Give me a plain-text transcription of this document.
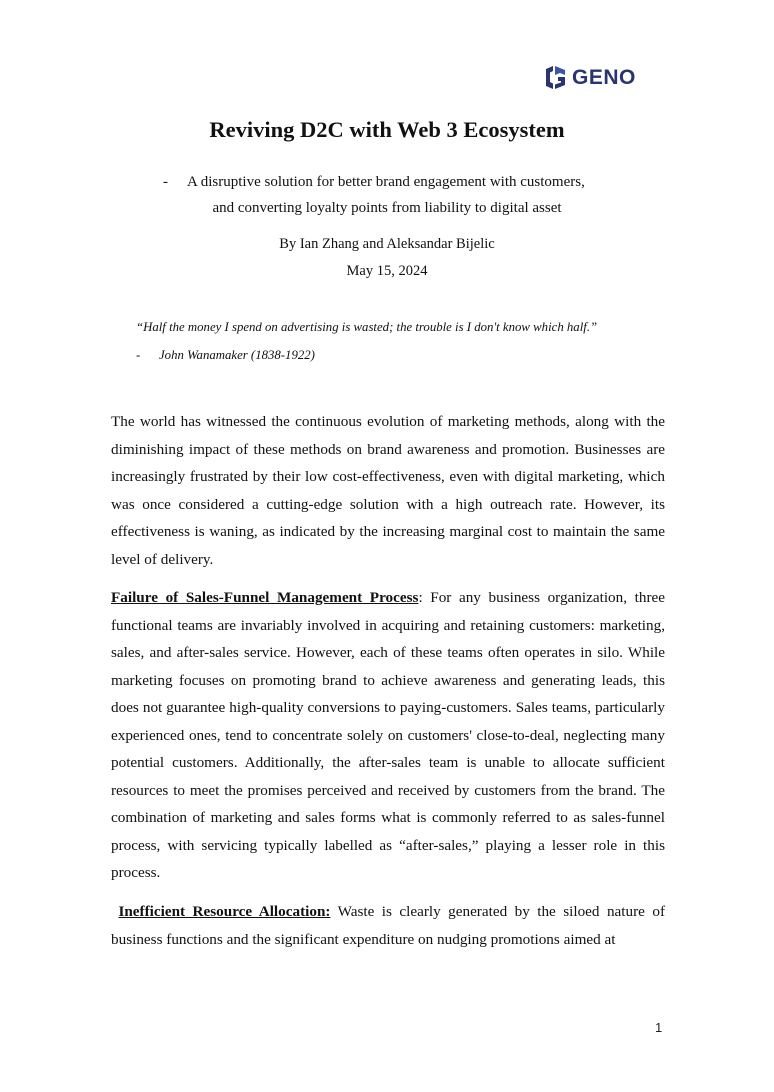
GENO
Reviving D2C with Web 3 Ecosystem
- A disruptive solution for better brand engagement with customers,
and converting loyalty points from liability to digital asset
By Ian Zhang and Aleksandar Bijelic
May 15, 2024
“Half the money I spend on advertising is wasted; the trouble is I don't know which half.”
- John Wanamaker (1838-1922)

The world has witnessed the continuous evolution of marketing methods, along with the diminishing impact of these methods on brand awareness and promotion. Businesses are increasingly frustrated by their low cost-effectiveness, even with digital marketing, which was once considered a cutting-edge solution with a high outreach rate. However, its effectiveness is waning, as indicated by the increasing marginal cost to maintain the same level of delivery.

Failure of Sales-Funnel Management Process: For any business organization, three functional teams are invariably involved in acquiring and retaining customers: marketing, sales, and after-sales service. However, each of these teams often operates in silo. While marketing focuses on promoting brand to achieve awareness and generating leads, this does not guarantee high-quality conversions to paying-customers. Sales teams, particularly experienced ones, tend to concentrate solely on customers' close-to-deal, neglecting many potential customers. Additionally, the after-sales team is unable to allocate sufficient resources to meet the promises perceived and received by customers from the brand. The combination of marketing and sales forms what is commonly referred to as sales-funnel process, with servicing typically labelled as “after-sales,” playing a lesser role in this process.

Inefficient Resource Allocation: Waste is clearly generated by the siloed nature of business functions and the significant expenditure on nudging promotions aimed at

1
